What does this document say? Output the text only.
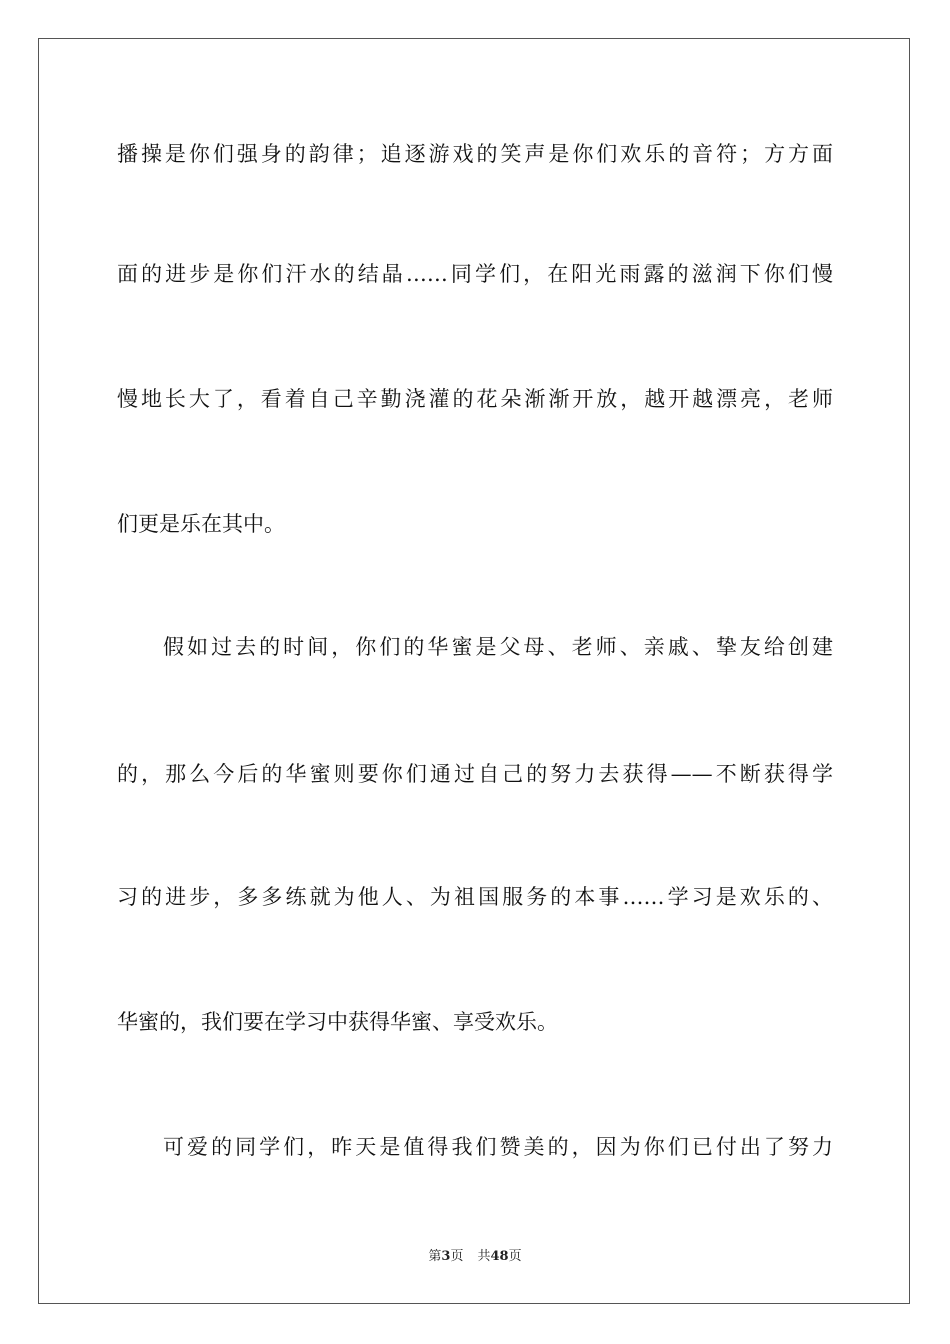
播操是你们强身的韵律；追逐游戏的笑声是你们欢乐的音符；方方面
面的进步是你们汗水的结晶……同学们，在阳光雨露的滋润下你们慢
慢地长大了，看着自己辛勤浇灌的花朵渐渐开放，越开越漂亮，老师
们更是乐在其中。
假如过去的时间，你们的华蜜是父母、老师、亲戚、挚友给创建
的，那么今后的华蜜则要你们通过自己的努力去获得——不断获得学
习的进步，多多练就为他人、为祖国服务的本事……学习是欢乐的、
华蜜的，我们要在学习中获得华蜜、享受欢乐。
可爱的同学们，昨天是值得我们赞美的，因为你们已付出了努力
第3页 共48页
